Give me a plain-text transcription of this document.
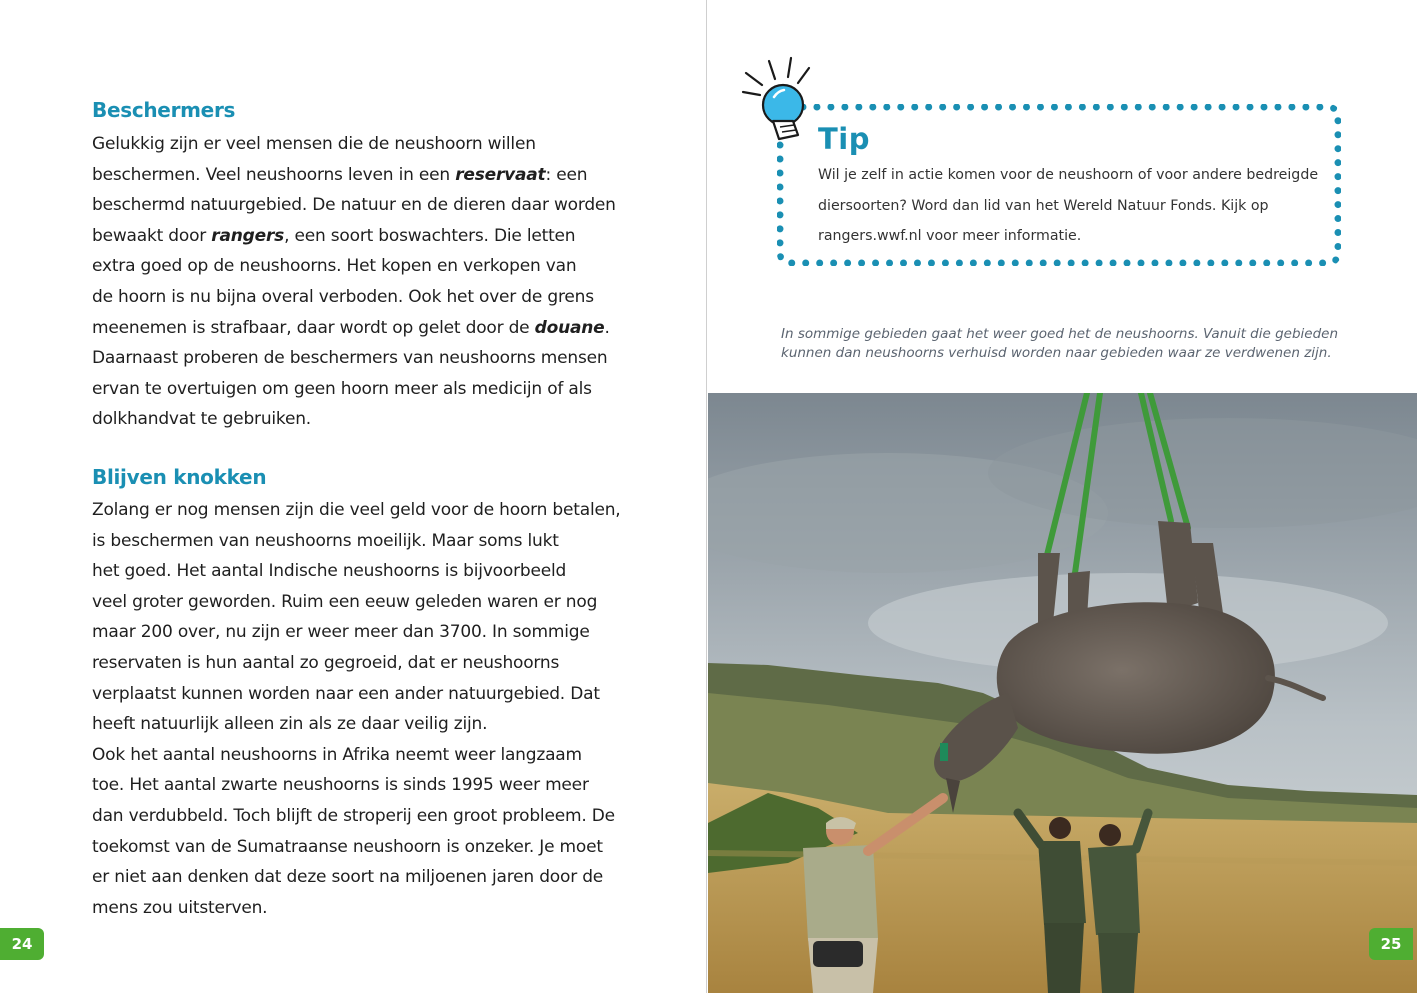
Beschermers
Gelukkig zijn er veel mensen die de neushoorn willen
beschermen. Veel neushoorns leven in een reservaat: een
beschermd natuurgebied. De natuur en de dieren daar worden
bewaakt door rangers, een soort boswachters. Die letten
extra goed op de neushoorns. Het kopen en verkopen van
de hoorn is nu bijna overal verboden. Ook het over de grens
meenemen is strafbaar, daar wordt op gelet door de douane.
Daarnaast proberen de beschermers van neushoorns mensen
ervan te overtuigen om geen hoorn meer als medicijn of als
dolkhandvat te gebruiken.
Blijven knokken
Zolang er nog mensen zijn die veel geld voor de hoorn betalen,
is beschermen van neushoorns moeilijk. Maar soms lukt
het goed. Het aantal Indische neushoorns is bijvoorbeeld
veel groter geworden. Ruim een eeuw geleden waren er nog
maar 200 over, nu zijn er weer meer dan 3700. In sommige
reservaten is hun aantal zo gegroeid, dat er neushoorns
verplaatst kunnen worden naar een ander natuurgebied. Dat
heeft natuurlijk alleen zin als ze daar veilig zijn.
Ook het aantal neushoorns in Afrika neemt weer langzaam
toe. Het aantal zwarte neushoorns is sinds 1995 weer meer
dan verdubbeld. Toch blijft de stroperij een groot probleem. De
toekomst van de Sumatraanse neushoorn is onzeker. Je moet
er niet aan denken dat deze soort na miljoenen jaren door de
mens zou uitsterven.
24
Tip
Wil je zelf in actie komen voor de neushoorn of voor andere bedreigde
diersoorten? Word dan lid van het Wereld Natuur Fonds. Kijk op
rangers.wwf.nl voor meer informatie.
In sommige gebieden gaat het weer goed het de neushoorns. Vanuit die gebieden
kunnen dan neushoorns verhuisd worden naar gebieden waar ze verdwenen zijn.
25
